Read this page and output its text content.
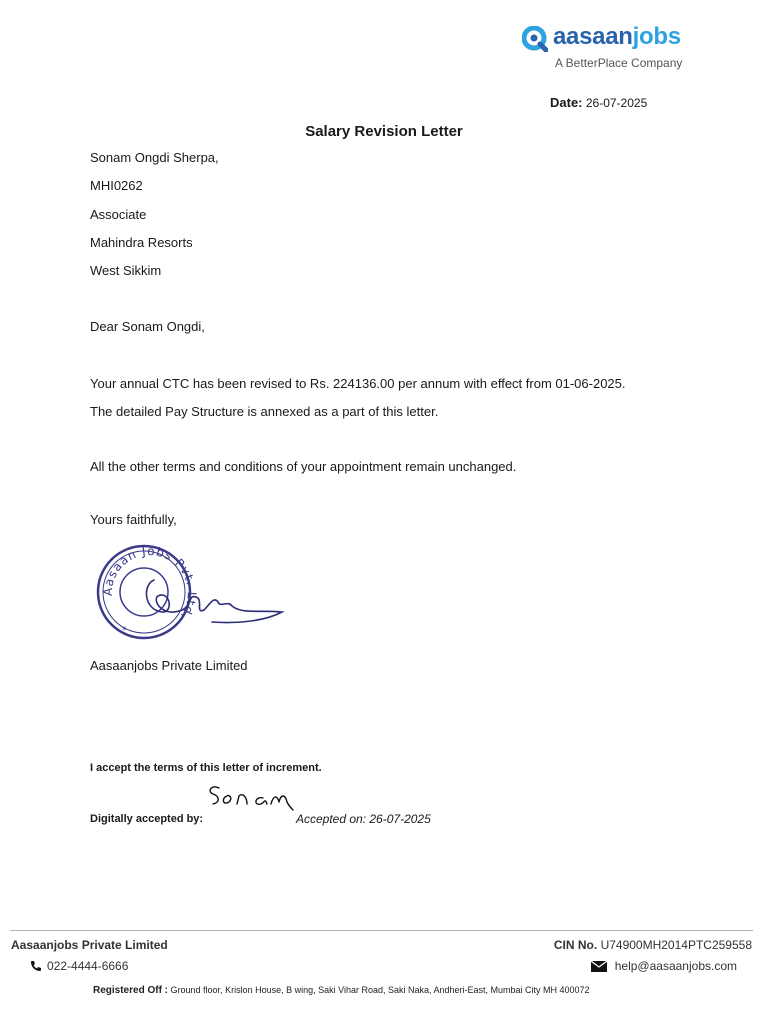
aasaanjobs
A BetterPlace Company
Date: 26-07-2025
Salary Revision Letter
Sonam Ongdi Sherpa,
MHI0262
Associate
Mahindra Resorts
West Sikkim
Dear Sonam Ongdi,
Your annual CTC has been revised to Rs. 224136.00 per annum with effect from 01-06-2025.
The detailed Pay Structure is annexed as a part of this letter.
All the other terms and conditions of your appointment remain unchanged.
Yours faithfully,
Aasaan Jobs Pvt. Ltd.
*
Aasaanjobs Private Limited
I accept the terms of this letter of increment.
Digitally accepted by:	Accepted on: 26-07-2025
Aasaanjobs Private Limited
022-4444-6666
CIN No. U74900MH2014PTC259558
help@aasaanjobs.com
Registered Off : Ground floor, Krislon House, B wing, Saki Vihar Road, Saki Naka, Andheri-East, Mumbai City MH 400072
